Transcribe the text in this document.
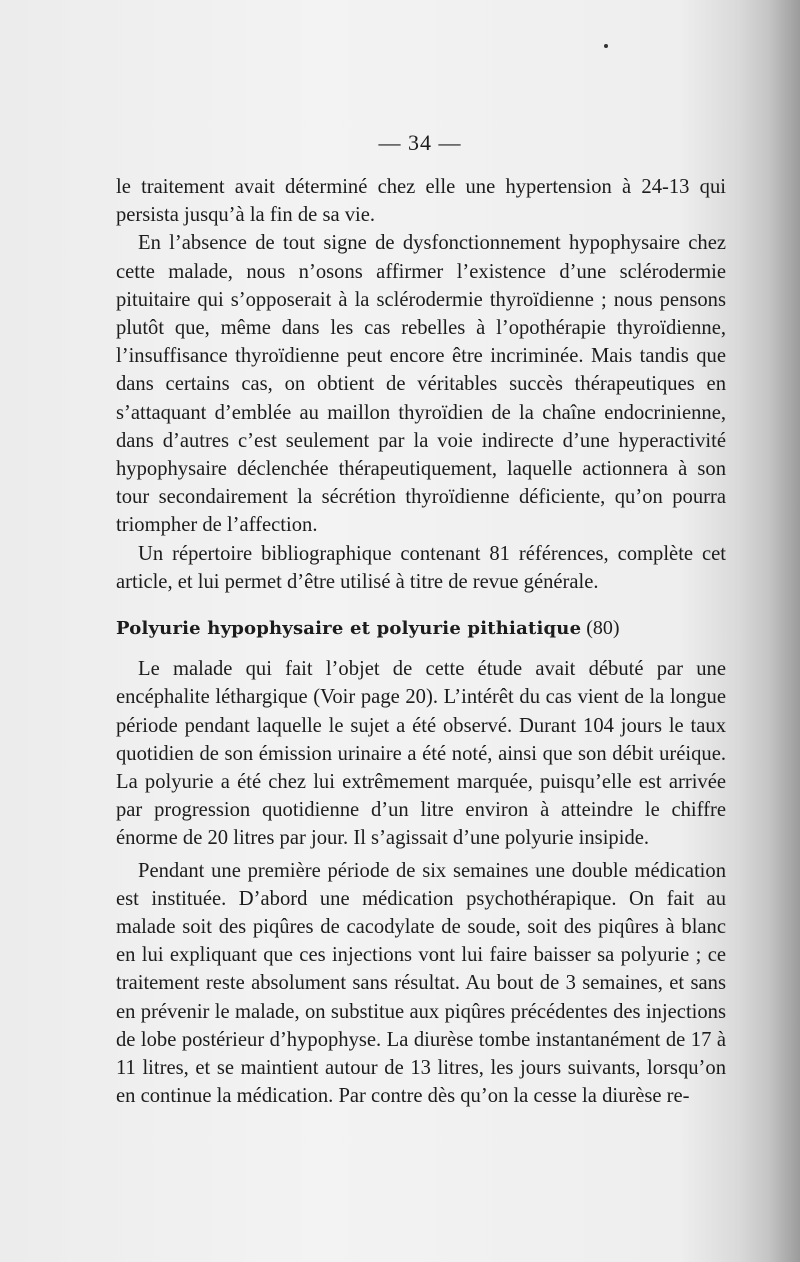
— 34 —

le traitement avait déterminé chez elle une hypertension à 24-13 qui persista jusqu’à la fin de sa vie.

En l’absence de tout signe de dysfonctionnement hypophysaire chez cette malade, nous n’osons affirmer l’existence d’une sclérodermie pituitaire qui s’opposerait à la sclérodermie thyroïdienne ; nous pensons plutôt que, même dans les cas rebelles à l’opothérapie thyroïdienne, l’insuffisance thyroïdienne peut encore être incriminée. Mais tandis que dans certains cas, on obtient de véritables succès thérapeutiques en s’attaquant d’emblée au maillon thyroïdien de la chaîne endocrinienne, dans d’autres c’est seulement par la voie indirecte d’une hyperactivité hypophysaire déclenchée thérapeutiquement, laquelle actionnera à son tour secondairement la sécrétion thyroïdienne déficiente, qu’on pourra triompher de l’affection.

Un répertoire bibliographique contenant 81 références, complète cet article, et lui permet d’être utilisé à titre de revue générale.

Polyurie hypophysaire et polyurie pithiatique (80)

Le malade qui fait l’objet de cette étude avait débuté par une encéphalite léthargique (Voir page 20). L’intérêt du cas vient de la longue période pendant laquelle le sujet a été observé. Durant 104 jours le taux quotidien de son émission urinaire a été noté, ainsi que son débit uréique. La polyurie a été chez lui extrêmement marquée, puisqu’elle est arrivée par progression quotidienne d’un litre environ à atteindre le chiffre énorme de 20 litres par jour. Il s’agissait d’une polyurie insipide.

Pendant une première période de six semaines une double médication est instituée. D’abord une médication psychothérapique. On fait au malade soit des piqûres de cacodylate de soude, soit des piqûres à blanc en lui expliquant que ces injections vont lui faire baisser sa polyurie ; ce traitement reste absolument sans résultat. Au bout de 3 semaines, et sans en prévenir le malade, on substitue aux piqûres précédentes des injections de lobe postérieur d’hypophyse. La diurèse tombe instantanément de 17 à 11 litres, et se maintient autour de 13 litres, les jours suivants, lorsqu’on en continue la médication. Par contre dès qu’on la cesse la diurèse re-
